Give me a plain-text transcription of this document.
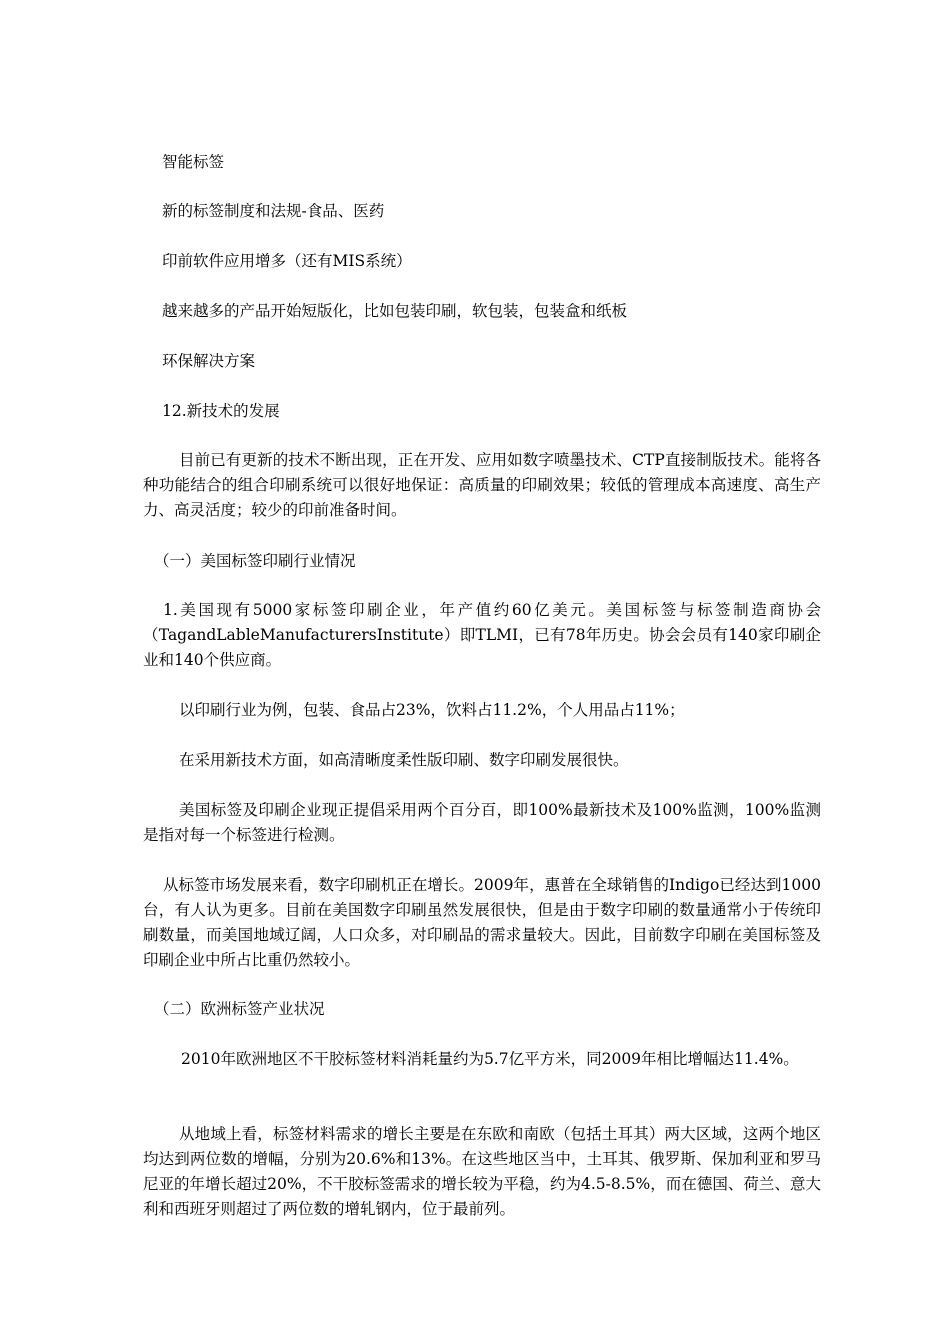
智能标签
新的标签制度和法规-食品、医药
印前软件应用增多（还有MIS系统）
越来越多的产品开始短版化，比如包装印刷，软包装，包装盒和纸板
环保解决方案
12.新技术的发展
目前已有更新的技术不断出现，正在开发、应用如数字喷墨技术、CTP直接制版技术。能将各种功能结合的组合印刷系统可以很好地保证：高质量的印刷效果；较低的管理成本高速度、高生产力、高灵活度；较少的印前准备时间。
（一）美国标签印刷行业情况
1.美国现有5000家标签印刷企业，年产值约60亿美元。美国标签与标签制造商协会（TagandLableManufacturersInstitute）即TLMI，已有78年历史。协会会员有140家印刷企业和140个供应商。
以印刷行业为例，包装、食品占23%，饮料占11.2%，个人用品占11%；
在采用新技术方面，如高清晰度柔性版印刷、数字印刷发展很快。
美国标签及印刷企业现正提倡采用两个百分百，即100%最新技术及100%监测，100%监测是指对每一个标签进行检测。
从标签市场发展来看，数字印刷机正在增长。2009年，惠普在全球销售的Indigo已经达到1000台，有人认为更多。目前在美国数字印刷虽然发展很快，但是由于数字印刷的数量通常小于传统印刷数量，而美国地域辽阔，人口众多，对印刷品的需求量较大。因此，目前数字印刷在美国标签及印刷企业中所占比重仍然较小。
（二）欧洲标签产业状况
2010年欧洲地区不干胶标签材料消耗量约为5.7亿平方米，同2009年相比增幅达11.4%。
从地域上看，标签材料需求的增长主要是在东欧和南欧（包括土耳其）两大区域，这两个地区均达到两位数的增幅，分别为20.6%和13%。在这些地区当中，土耳其、俄罗斯、保加利亚和罗马尼亚的年增长超过20%，不干胶标签需求的增长较为平稳，约为4.5-8.5%，而在德国、荷兰、意大利和西班牙则超过了两位数的增轧钢内，位于最前列。
